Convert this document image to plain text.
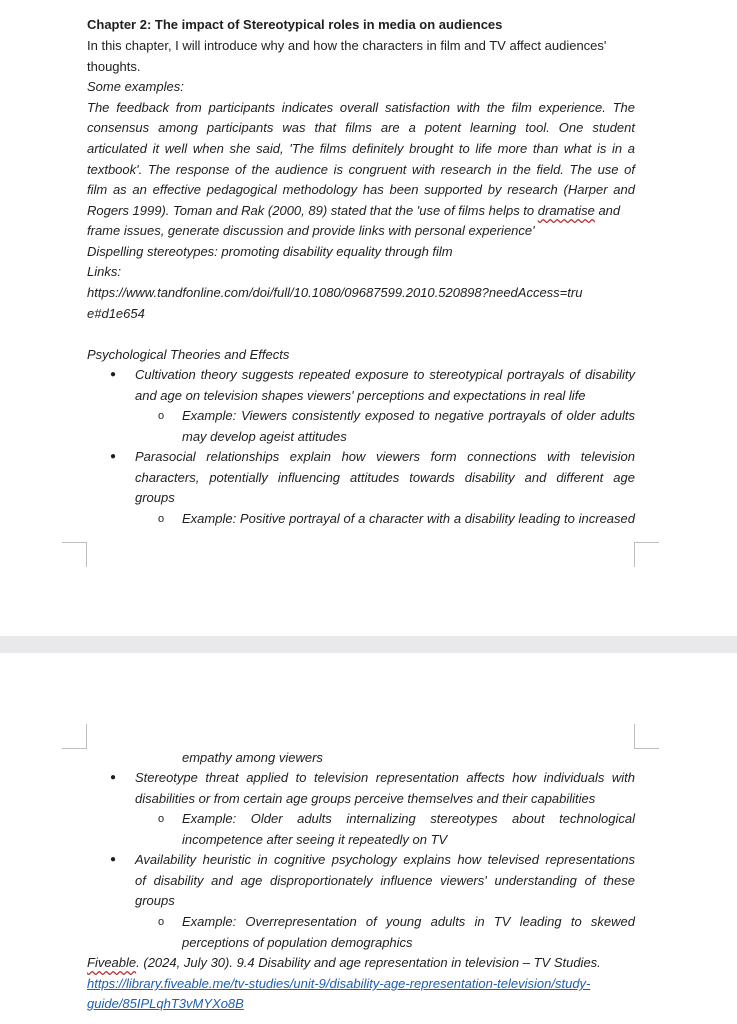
Chapter 2: The impact of Stereotypical roles in media on audiences
In this chapter, I will introduce why and how the characters in film and TV affect audiences'
thoughts.
Some examples:
The feedback from participants indicates overall satisfaction with the film experience. The
consensus among participants was that films are a potent learning tool. One student
articulated it well when she said, 'The films definitely brought to life more than what is in a
textbook'. The response of the audience is congruent with research in the field. The use of
film as an effective pedagogical methodology has been supported by research (Harper and
Rogers 1999). Toman and Rak (2000, 89) stated that the 'use of films helps to dramatise and
frame issues, generate discussion and provide links with personal experience'
Dispelling stereotypes: promoting disability equality through film
Links:
https://www.tandfonline.com/doi/full/10.1080/09687599.2010.520898?needAccess=tru
e#d1e654
Psychological Theories and Effects
● Cultivation theory suggests repeated exposure to stereotypical portrayals of disability
and age on television shapes viewers' perceptions and expectations in real life
o Example: Viewers consistently exposed to negative portrayals of older adults
may develop ageist attitudes
● Parasocial relationships explain how viewers form connections with television
characters, potentially influencing attitudes towards disability and different age
groups
o Example: Positive portrayal of a character with a disability leading to increased
empathy among viewers
● Stereotype threat applied to television representation affects how individuals with
disabilities or from certain age groups perceive themselves and their capabilities
o Example: Older adults internalizing stereotypes about technological
incompetence after seeing it repeatedly on TV
● Availability heuristic in cognitive psychology explains how televised representations
of disability and age disproportionately influence viewers' understanding of these
groups
o Example: Overrepresentation of young adults in TV leading to skewed
perceptions of population demographics
Fiveable. (2024, July 30). 9.4 Disability and age representation in television – TV Studies.
https://library.fiveable.me/tv-studies/unit-9/disability-age-representation-television/study-
guide/85IPLqhT3vMYXo8B
